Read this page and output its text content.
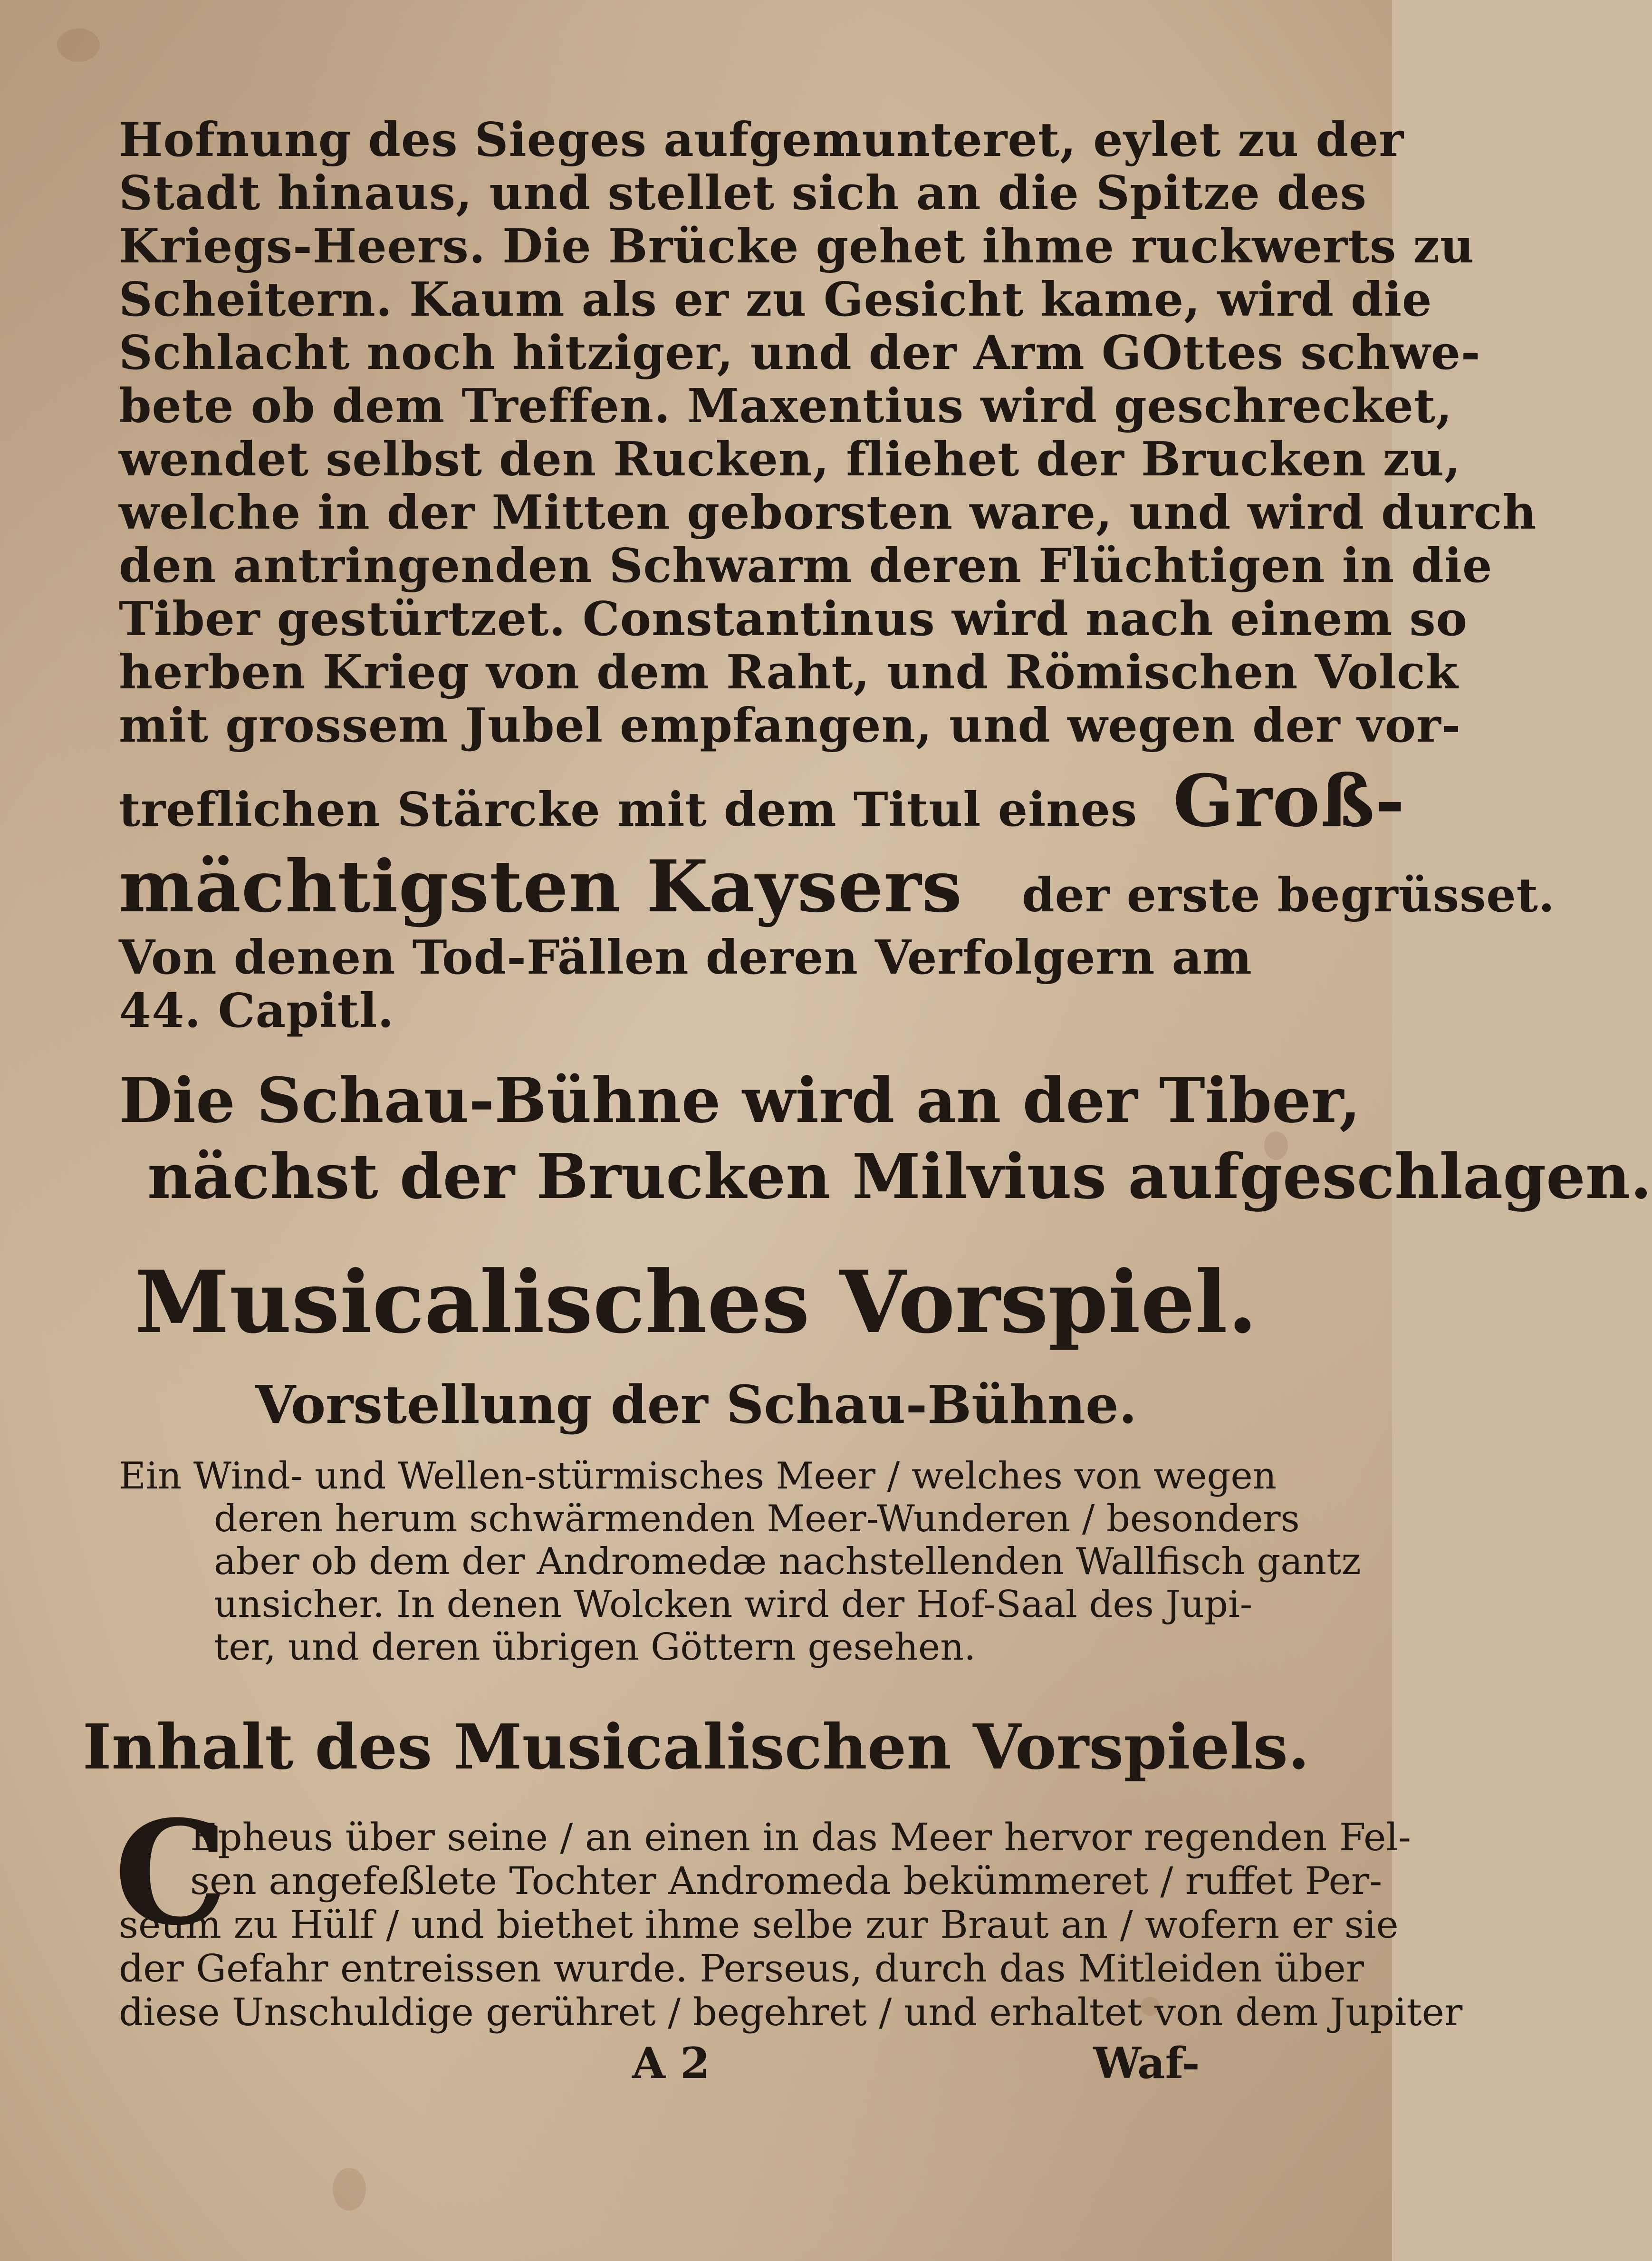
Hofnung des Sieges aufgemunteret, eylet zu der
Stadt hinaus, und stellet sich an die Spitze des
Kriegs-Heers. Die Brücke gehet ihme ruckwerts zu
Scheitern. Kaum als er zu Gesicht kame, wird die
Schlacht noch hitziger, und der Arm GOttes schwe-
bete ob dem Treffen. Maxentius wird geschrecket,
wendet selbst den Rucken, fliehet der Brucken zu,
welche in der Mitten geborsten ware, und wird durch
den antringenden Schwarm deren Flüchtigen in die
Tiber gestürtzet. Constantinus wird nach einem so
herben Krieg von dem Raht, und Römischen Volck
mit grossem Jubel empfangen, und wegen der vor-
treflichen Stärcke mit dem Titul eines Groß-
mächtigsten Kaysers der erste begrüsset.
Von denen Tod-Fällen deren Verfolgern am
44. Capitl.
Die Schau-Bühne wird an der Tiber,
nächst der Brucken Milvius aufgeschlagen.
Musicalisches Vorspiel.
Vorstellung der Schau-Bühne.
Ein Wind- und Wellen-stürmisches Meer / welches von wegen
deren herum schwärmenden Meer-Wunderen / besonders
aber ob dem der Andromedæ nachstellenden Wallfisch gantz
unsicher. In denen Wolcken wird der Hof-Saal des Jupi-
ter, und deren übrigen Göttern gesehen.
Inhalt des Musicalischen Vorspiels.
C
Epheus über seine / an einen in das Meer hervor regenden Fel-
sen angefeßlete Tochter Andromeda bekümmeret / ruffet Per-
seum zu Hülf / und biethet ihme selbe zur Braut an / wofern er sie
der Gefahr entreissen wurde. Perseus, durch das Mitleiden über
diese Unschuldige gerühret / begehret / und erhaltet von dem Jupiter
A 2	Waf-
